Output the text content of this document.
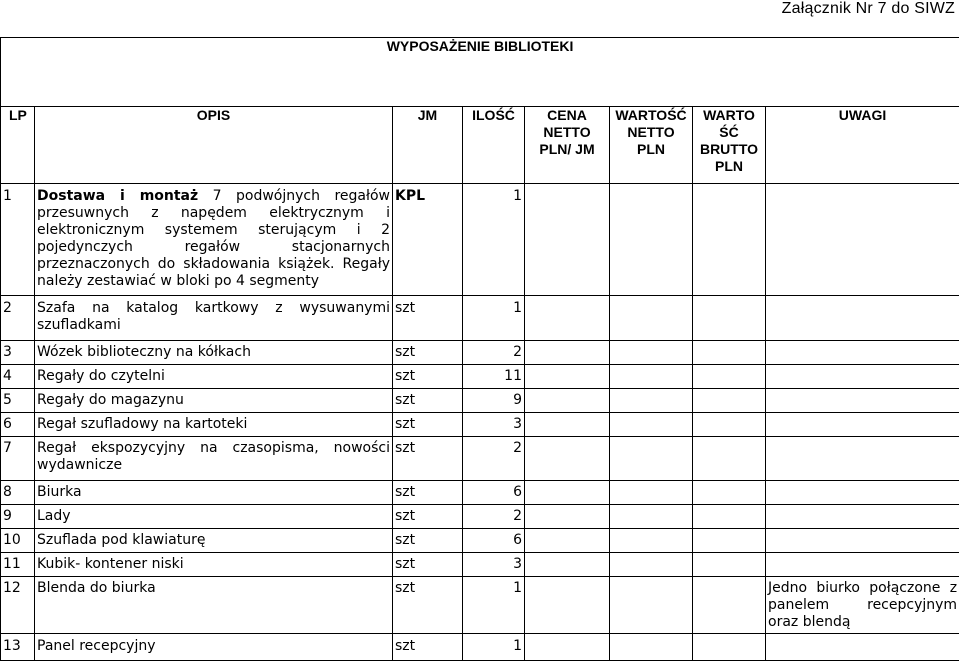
Załącznik Nr 7 do SIWZ
WYPOSAŻENIE BIBLIOTEKI							
LP	OPIS	JM	ILOŚĆ	CENA NETTO PLN/ JM	WARTOŚĆ NETTO PLN	WARTO ŚĆ BRUTTO PLN	UWAGI
1	Dostawa i montaż 7 podwójnych regałów przesuwnych z napędem elektrycznym i elektronicznym systemem sterującym i 2 pojedynczych regałów stacjonarnych przeznaczonych do składowania książek. Regały należy zestawiać w bloki po 4 segmenty	KPL	1				
2	Szafa na katalog kartkowy z wysuwanymi szufladkami	szt	1				
3	Wózek biblioteczny na kółkach	szt	2				
4	Regały do czytelni	szt	11				
5	Regały do magazynu	szt	9				
6	Regał szufladowy na kartoteki	szt	3				
7	Regał ekspozycyjny na czasopisma, nowości wydawnicze	szt	2				
8	Biurka	szt	6				
9	Lady	szt	2				
10	Szuflada pod klawiaturę	szt	6				
11	Kubik- kontener niski	szt	3				
12	Blenda do biurka	szt	1				Jedno biurko połączone z panelem recepcyjnym oraz blendą
13	Panel recepcyjny	szt	1				
